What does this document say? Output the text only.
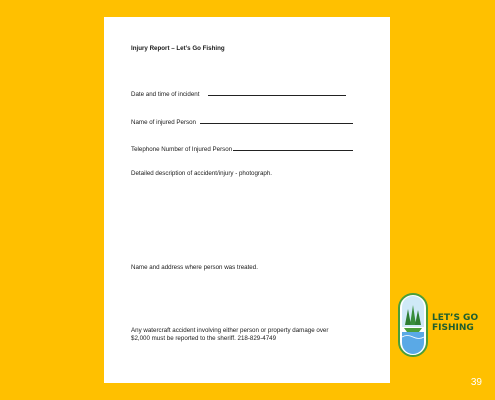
Injury Report – Let’s Go Fishing
Date and time of incident
Name of injured Person
Telephone Number of Injured Person
Detailed description of accident/injury - photograph.
Name and address where person was treated.
Any watercraft accident involving either person or property damage over
$2,000 must be reported to the sheriff. 218-829-4749
LET’S GO
FISHING
39
